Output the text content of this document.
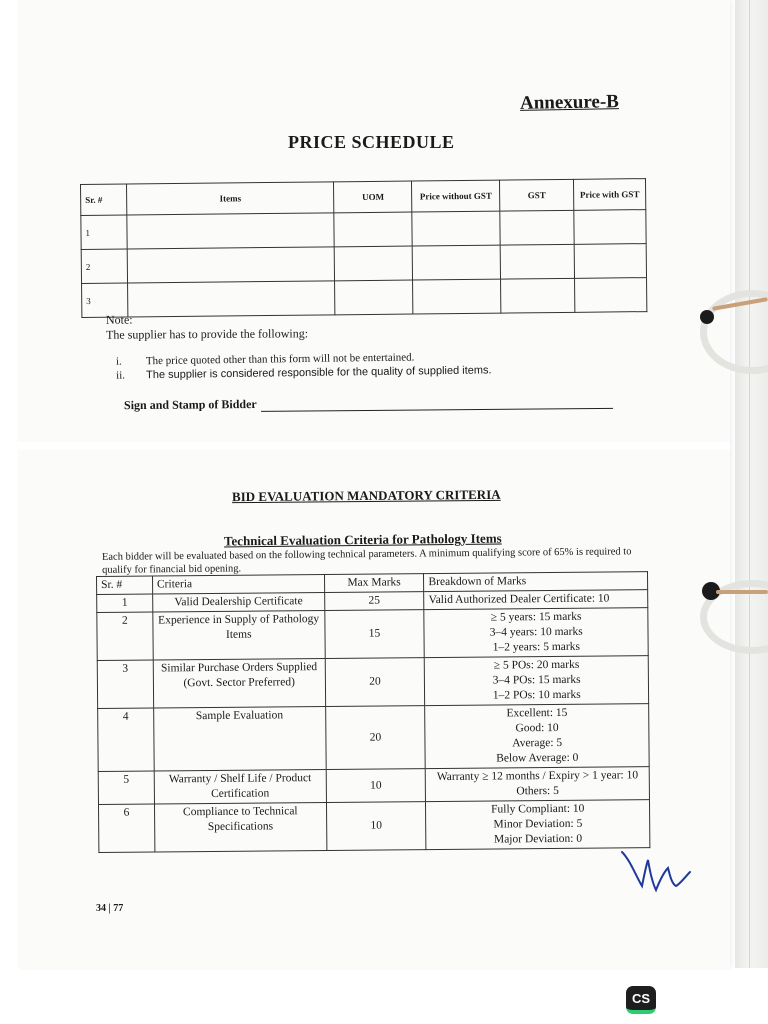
Annexure-B
PRICE SCHEDULE
Sr. #	Items	UOM	Price without GST	GST	Price with GST
1					
2					
3					
Note:
The supplier has to provide the following:
i.	The price quoted other than this form will not be entertained.
ii.	The supplier is considered responsible for the quality of supplied items.
Sign and Stamp of Bidder
BID EVALUATION MANDATORY CRITERIA
Technical Evaluation Criteria for Pathology Items
Each bidder will be evaluated based on the following technical parameters. A minimum qualifying score of 65% is required to qualify for financial bid opening.
Sr. #	Criteria	Max Marks	Breakdown of Marks
1	Valid Dealership Certificate	25	Valid Authorized Dealer Certificate: 10

2	Experience in Supply of Pathology Items	15	≥ 5 years: 15 marks
3–4 years: 10 marks
1–2 years: 5 marks

3	Similar Purchase Orders Supplied (Govt. Sector Preferred)	20	≥ 5 POs: 20 marks
3–4 POs: 15 marks
1–2 POs: 10 marks

4	Sample Evaluation	20	Excellent: 15
Good: 10
Average: 5
Below Average: 0

5	Warranty / Shelf Life / Product Certification	10	Warranty ≥ 12 months / Expiry > 1 year: 10
Others: 5

6	Compliance to Technical Specifications	10	Fully Compliant: 10
Minor Deviation: 5
Major Deviation: 0
34 | 77
CS
